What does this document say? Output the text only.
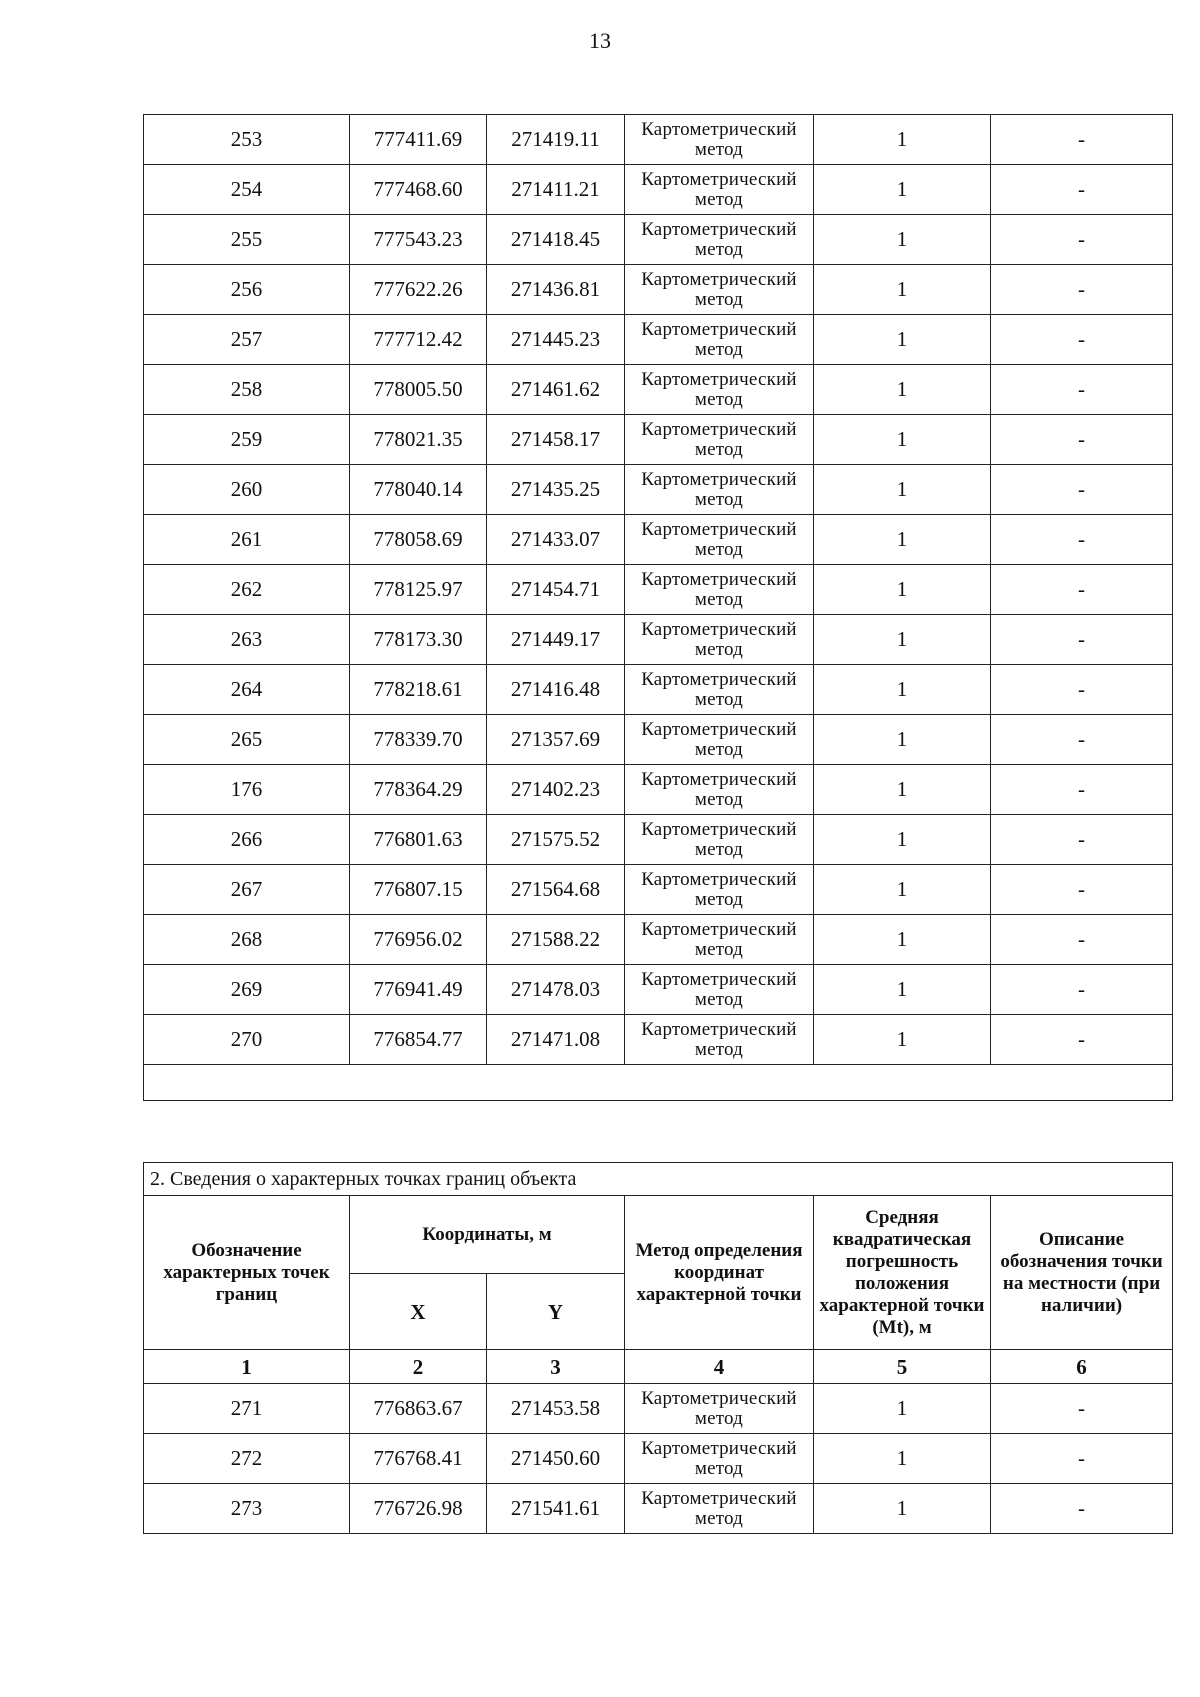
13
253	777411.69	271419.11	Картометрический метод	1	-
254	777468.60	271411.21	Картометрический метод	1	-
255	777543.23	271418.45	Картометрический метод	1	-
256	777622.26	271436.81	Картометрический метод	1	-
257	777712.42	271445.23	Картометрический метод	1	-
258	778005.50	271461.62	Картометрический метод	1	-
259	778021.35	271458.17	Картометрический метод	1	-
260	778040.14	271435.25	Картометрический метод	1	-
261	778058.69	271433.07	Картометрический метод	1	-
262	778125.97	271454.71	Картометрический метод	1	-
263	778173.30	271449.17	Картометрический метод	1	-
264	778218.61	271416.48	Картометрический метод	1	-
265	778339.70	271357.69	Картометрический метод	1	-
176	778364.29	271402.23	Картометрический метод	1	-
266	776801.63	271575.52	Картометрический метод	1	-
267	776807.15	271564.68	Картометрический метод	1	-
268	776956.02	271588.22	Картометрический метод	1	-
269	776941.49	271478.03	Картометрический метод	1	-
270	776854.77	271471.08	Картометрический метод	1	-

2. Сведения о характерных точках границ объекта					
Обозначение характерных точек границ	Координаты, м		Метод определения координат характерной точки	Средняя квадратическая погрешность положения характерной точки (Mt), м	Описание обозначения точки на местности (при наличии)
	X	Y			
1	2	3	4	5	6
271	776863.67	271453.58	Картометрический метод	1	-
272	776768.41	271450.60	Картометрический метод	1	-
273	776726.98	271541.61	Картометрический метод	1	-
